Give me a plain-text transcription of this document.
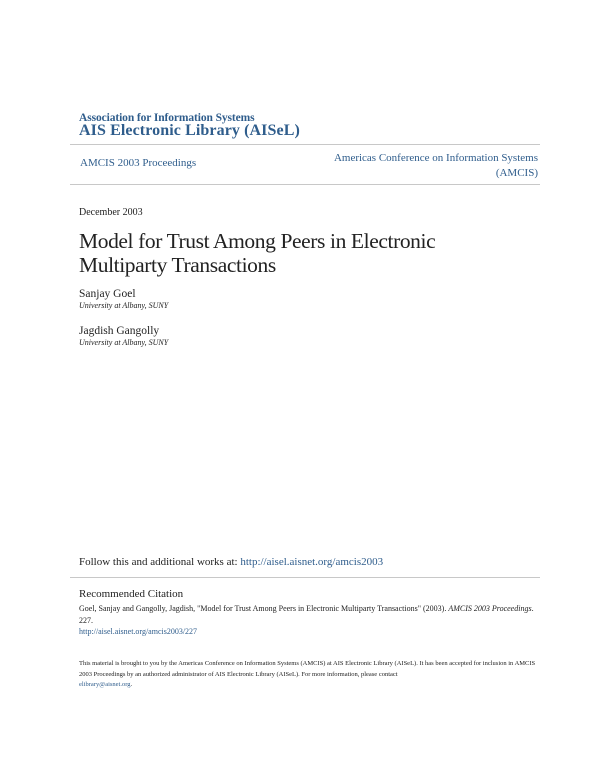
Association for Information Systems
AIS Electronic Library (AISeL)
AMCIS 2003 Proceedings	Americas Conference on Information Systems
(AMCIS)
December 2003
Model for Trust Among Peers in Electronic
Multiparty Transactions
Sanjay Goel
University at Albany, SUNY
Jagdish Gangolly
University at Albany, SUNY
Follow this and additional works at: http://aisel.aisnet.org/amcis2003
Recommended Citation
Goel, Sanjay and Gangolly, Jagdish, "Model for Trust Among Peers in Electronic Multiparty Transactions" (2003). AMCIS 2003 Proceedings. 227.
http://aisel.aisnet.org/amcis2003/227
This material is brought to you by the Americas Conference on Information Systems (AMCIS) at AIS Electronic Library (AISeL). It has been accepted for inclusion in AMCIS 2003 Proceedings by an authorized administrator of AIS Electronic Library (AISeL). For more information, please contact
elibrary@aisnet.org.
